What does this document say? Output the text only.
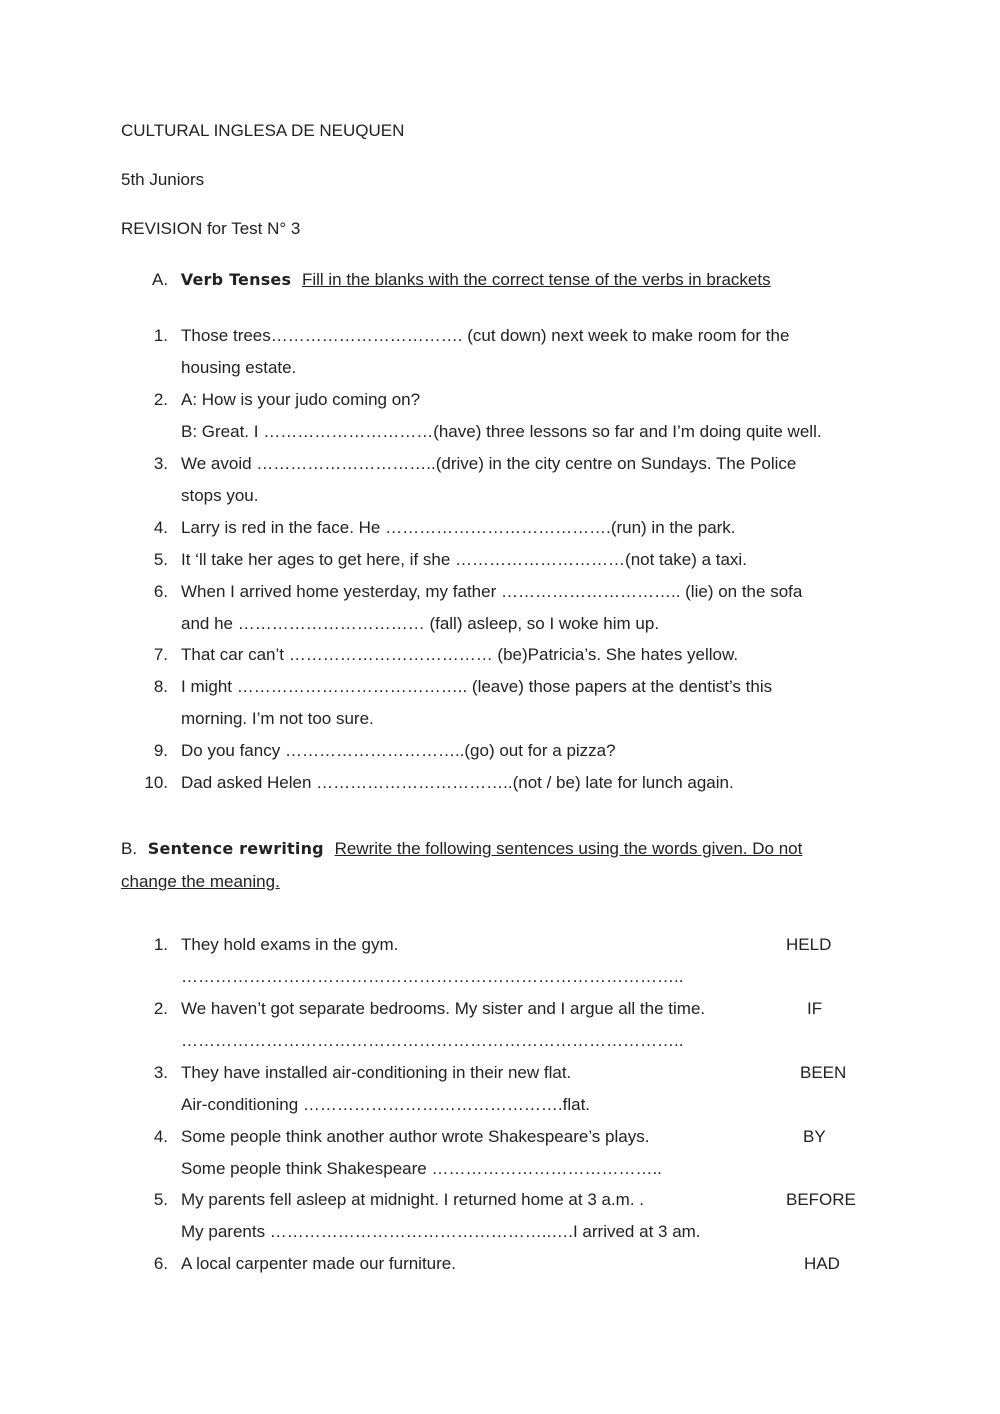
CULTURAL INGLESA DE NEUQUEN
5th Juniors
REVISION for Test N° 3
A. Verb Tenses Fill in the blanks with the correct tense of the verbs in brackets
1. Those trees……………………………. (cut down) next week to make room for the
housing estate.
2. A: How is your judo coming on?
B: Great. I …………………………(have) three lessons so far and I’m doing quite well.
3. We avoid …………………………..(drive) in the city centre on Sundays. The Police
stops you.
4. Larry is red in the face. He ………………………………….(run) in the park.
5. It ‘ll take her ages to get here, if she …………………………(not take) a taxi.
6. When I arrived home yesterday, my father ………………………….. (lie) on the sofa
and he …………………………… (fall) asleep, so I woke him up.
7. That car can’t ……………………………… (be)Patricia’s. She hates yellow.
8. I might ………………………………….. (leave) those papers at the dentist’s this
morning. I’m not too sure.
9. Do you fancy …………………………..(go) out for a pizza?
10. Dad asked Helen ……………………………..(not / be) late for lunch again.
B. Sentence rewriting Rewrite the following sentences using the words given. Do not
change the meaning.
1. They hold exams in the gym.	HELD
……………………………………………………………………………..
2. We haven’t got separate bedrooms. My sister and I argue all the time.	IF
……………………………………………………………………………..
3. They have installed air-conditioning in their new flat.	BEEN
Air-conditioning ……………………………………….flat.
4. Some people think another author wrote Shakespeare’s plays.	BY
Some people think Shakespeare …………………………………..
5. My parents fell asleep at midnight. I returned home at 3 a.m. .	BEFORE
My parents …………………………………………..….I arrived at 3 am.
6. A local carpenter made our furniture.	HAD
